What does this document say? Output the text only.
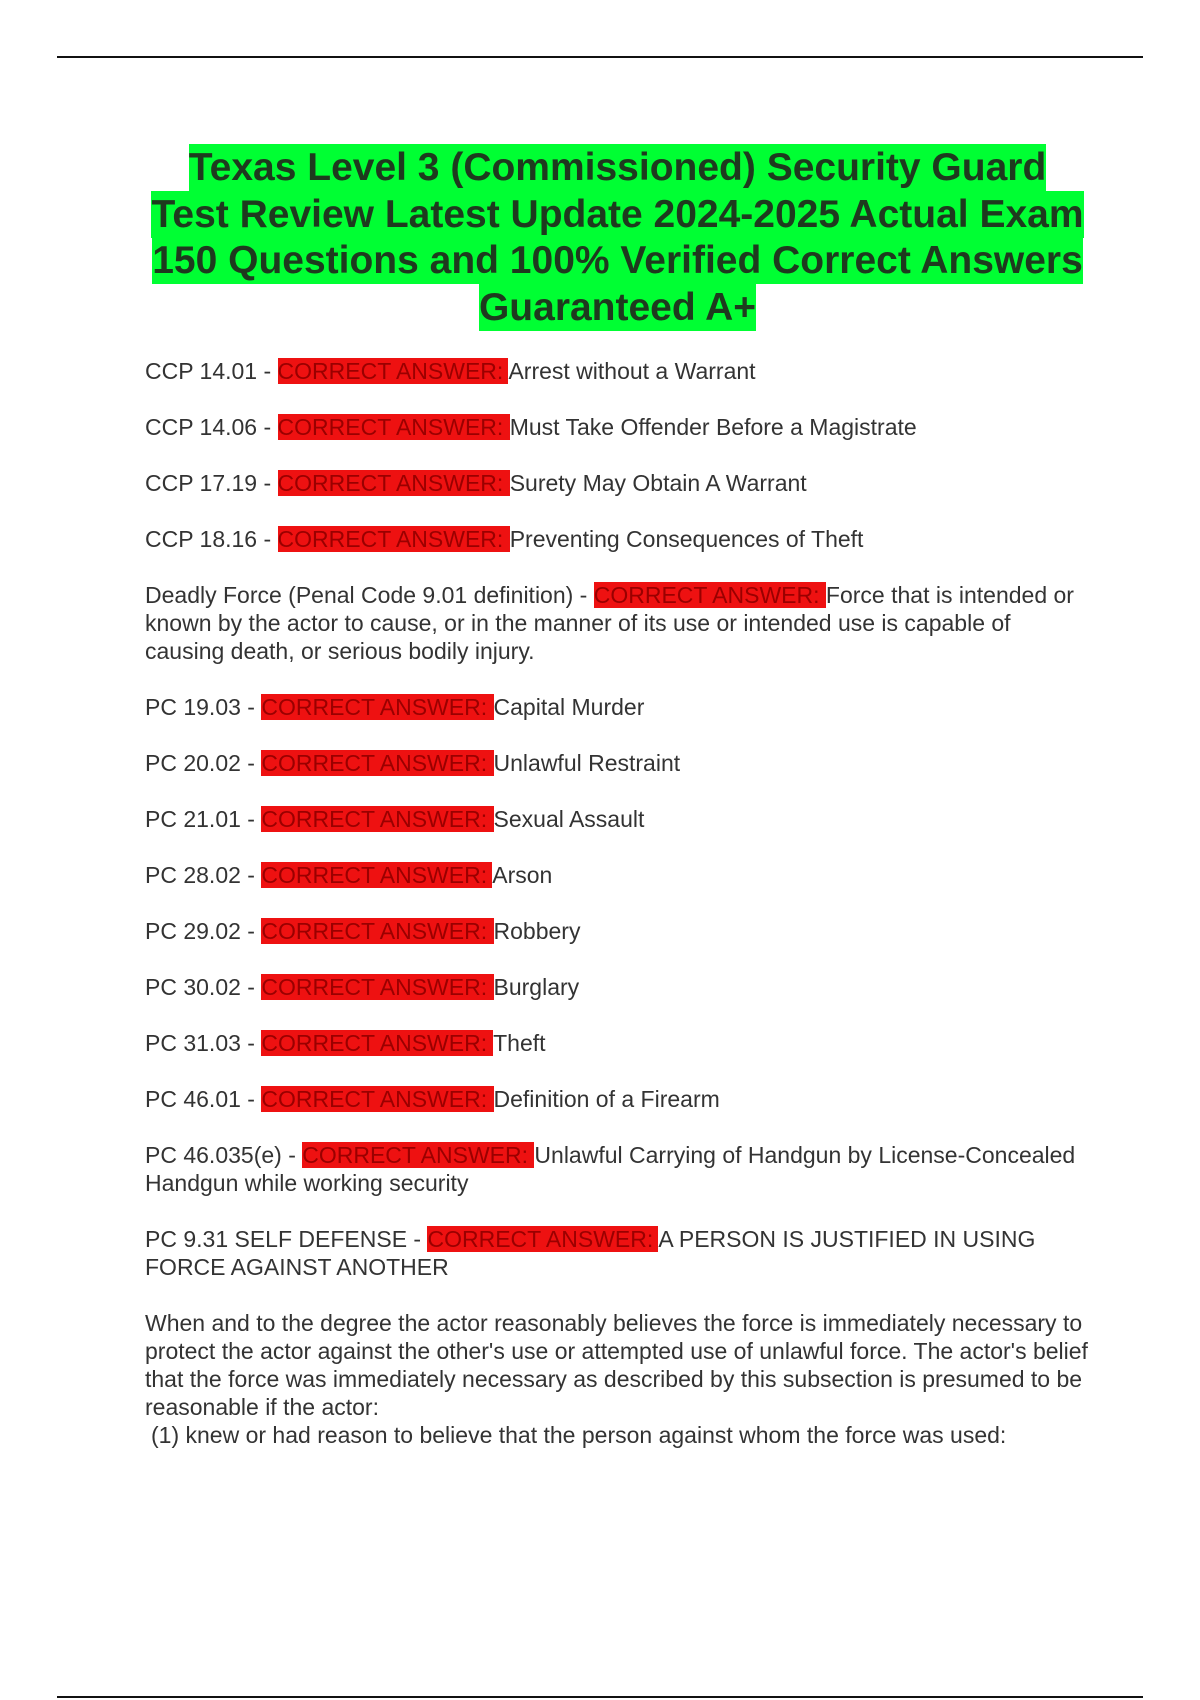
Texas Level 3 (Commissioned) Security Guard Test Review Latest Update 2024-2025 Actual Exam 150 Questions and 100% Verified Correct Answers Guaranteed A+

CCP 14.01 - CORRECT ANSWER: Arrest without a Warrant

CCP 14.06 - CORRECT ANSWER: Must Take Offender Before a Magistrate

CCP 17.19 - CORRECT ANSWER: Surety May Obtain A Warrant

CCP 18.16 - CORRECT ANSWER: Preventing Consequences of Theft

Deadly Force (Penal Code 9.01 definition) - CORRECT ANSWER: Force that is intended or known by the actor to cause, or in the manner of its use or intended use is capable of causing death, or serious bodily injury.

PC 19.03 - CORRECT ANSWER: Capital Murder

PC 20.02 - CORRECT ANSWER: Unlawful Restraint

PC 21.01 - CORRECT ANSWER: Sexual Assault

PC 28.02 - CORRECT ANSWER: Arson

PC 29.02 - CORRECT ANSWER: Robbery

PC 30.02 - CORRECT ANSWER: Burglary

PC 31.03 - CORRECT ANSWER: Theft

PC 46.01 - CORRECT ANSWER: Definition of a Firearm

PC 46.035(e) - CORRECT ANSWER: Unlawful Carrying of Handgun by License-Concealed Handgun while working security

PC 9.31 SELF DEFENSE - CORRECT ANSWER: A PERSON IS JUSTIFIED IN USING FORCE AGAINST ANOTHER

When and to the degree the actor reasonably believes the force is immediately necessary to protect the actor against the other's use or attempted use of unlawful force. The actor's belief that the force was immediately necessary as described by this subsection is presumed to be reasonable if the actor:
(1) knew or had reason to believe that the person against whom the force was used:
